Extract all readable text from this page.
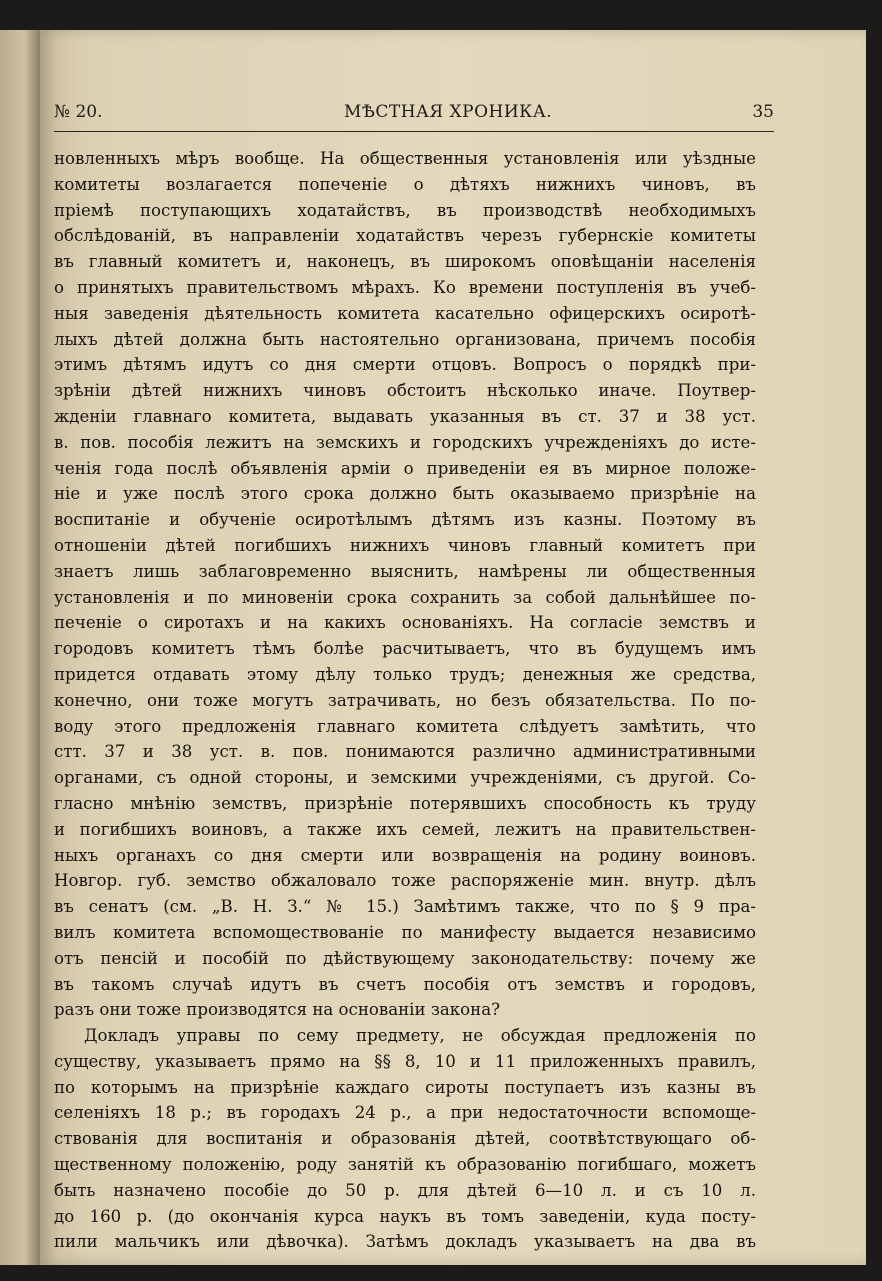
№ 20.	МѢСТНАЯ ХРОНИКА.	35
новленныхъ мѣръ вообще. На общественныя установленія или уѣздные
комитеты возлагается попеченіе о дѣтяхъ нижнихъ чиновъ, въ
пріемѣ поступающихъ ходатайствъ, въ производствѣ необходимыхъ
обслѣдованій, въ направленіи ходатайствъ черезъ губернскіе комитеты
въ главный комитетъ и, наконецъ, въ широкомъ оповѣщаніи населенія
о принятыхъ правительствомъ мѣрахъ. Ко времени поступленія въ учеб-
ныя заведенія дѣятельность комитета касательно офицерскихъ осиротѣ-
лыхъ дѣтей должна быть настоятельно организована, причемъ пособія
этимъ дѣтямъ идутъ со дня смерти отцовъ. Вопросъ о порядкѣ при-
зрѣніи дѣтей нижнихъ чиновъ обстоитъ нѣсколько иначе. Поутвер-
жденіи главнаго комитета, выдавать указанныя въ ст. 37 и 38 уст.
в. пов. пособія лежитъ на земскихъ и городскихъ учрежденіяхъ до истe-
ченія года послѣ объявленія арміи о приведеніи ея въ мирное положе-
ніе и уже послѣ этого срока должно быть оказываемо призрѣніе на
воспитаніе и обученіе осиротѣлымъ дѣтямъ изъ казны. Поэтому въ
отношеніи дѣтей погибшихъ нижнихъ чиновъ главный комитетъ при
знаетъ лишь заблаговременно выяснить, намѣрены ли общественныя
установленія и по миновеніи срока сохранить за собой дальнѣйшее по-
печеніе о сиротахъ и на какихъ основаніяхъ. На согласіе земствъ и
городовъ комитетъ тѣмъ болѣе расчитываетъ, что въ будущемъ имъ
придется отдавать этому дѣлу только трудъ; денежныя же средства,
конечно, они тоже могутъ затрачивать, но безъ обязательства. По по-
воду этого предложенія главнаго комитета слѣдуетъ замѣтить, что
стт. 37 и 38 уст. в. пов. понимаются различно административными
органами, съ одной стороны, и земскими учрежденіями, съ другой. Со-
гласно мнѣнію земствъ, призрѣніе потерявшихъ способность къ труду
и погибшихъ воиновъ, а также ихъ семей, лежитъ на правительствен-
ныхъ органахъ со дня смерти или возвращенія на родину воиновъ.
Новгор. губ. земство обжаловало тоже распоряженіе мин. внутр. дѣлъ
въ сенатъ (см. „В. Н. З.“ № 15.) Замѣтимъ также, что по § 9 пра-
вилъ комитета вспомоществованіе по манифесту выдается независимо
отъ пенсій и пособій по дѣйствующему законодательству: почему же
въ такомъ случаѣ идутъ въ счетъ пособія отъ земствъ и городовъ,
разъ они тоже производятся на основаніи закона?
Докладъ управы по сему предмету, не обсуждая предложенія по
существу, указываетъ прямо на §§ 8, 10 и 11 приложенныхъ правилъ,
по которымъ на призрѣніе каждаго сироты поступаетъ изъ казны въ
селеніяхъ 18 р.; въ городахъ 24 р., а при недостаточности вспомоще-
ствованія для воспитанія и образованія дѣтей, соотвѣтствующаго об-
щественному положенію, роду занятій къ образованію погибшаго, можетъ
быть назначено пособіе до 50 р. для дѣтей 6—10 л. и съ 10 л.
до 160 р. (до окончанія курса наукъ въ томъ заведеніи, куда посту-
пили мальчикъ или дѣвочка). Затѣмъ докладъ указываетъ на два въ
